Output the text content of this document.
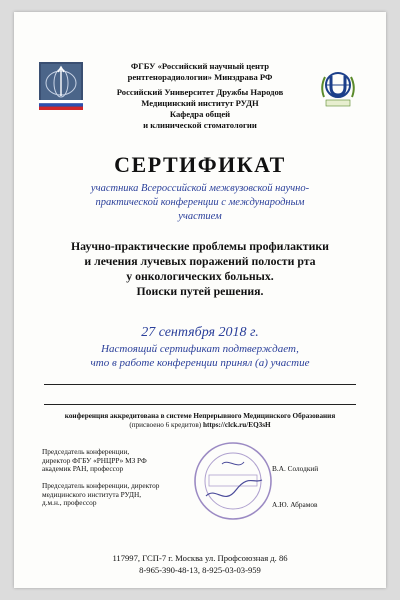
ФГБУ «Российский научный центр
рентгенорадиологии» Минздрава РФ
Российский Университет Дружбы Народов
Медицинский институт РУДН
Кафедра общей
и клинической стоматологии
СЕРТИФИКАТ
участника Всероссийской межвузовской научно-
практической конференции с международным
участием
Научно-практические проблемы профилактики
и лечения лучевых поражений полости рта
у онкологических больных.
Поиски путей решения.
27 сентября 2018 г.
Настоящий сертификат подтверждает,
что в работе конференции принял (а) участие
конференция аккредитована в системе Непрерывного Медицинского Образования
(присвоено 6 кредитов) https://clck.ru/EQ3sH
Председатель конференции,
директор ФГБУ «РНЦРР» МЗ РФ
академик РАН, профессор	В.А. Солодкий
Председатель конференции, директор
медицинского института РУДН,
д.м.н., профессор	А.Ю. Абрамов
117997, ГСП-7 г. Москва ул. Профсоюзная д. 86
8-965-390-48-13, 8-925-03-03-959
